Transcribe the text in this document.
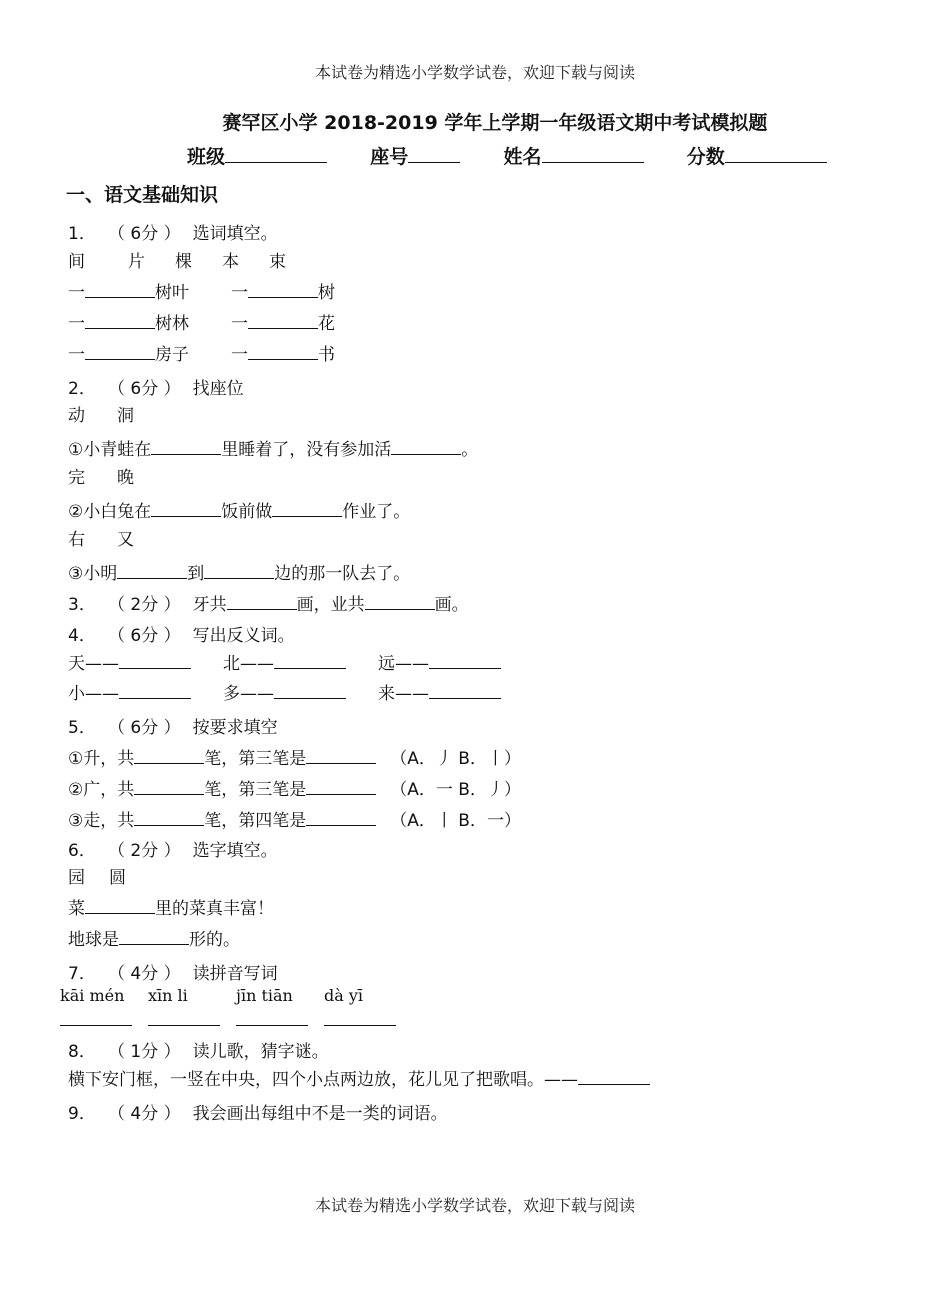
本试卷为精选小学数学试卷，欢迎下载与阅读
赛罕区小学 2018-2019 学年上学期一年级语文期中考试模拟题
班级	座号	姓名	分数
一、语文基础知识
1． （ 6分 ） 选词填空。
间	片 棵 本 束
一	树叶 一	树
一	树林 一	花
一	房子 一	书
2． （ 6分 ） 找座位
动 洞
①小青蛙在	里睡着了，没有参加活	。
完 晚
②小白兔在	饭前做	作业了。
右 又
③小明	到	边的那一队去了。
3． （ 2分 ） 牙共	画，业共	画。
4． （ 6分 ） 写出反义词。
天——	北——	远——
小——	多——	来——
5． （ 6分 ） 按要求填空
①升，共	笔，第三笔是	（A．丿 B．丨）
②广，共	笔，第三笔是	（A．一 B．丿）
③走，共	笔，第四笔是	（A．丨 B．一）
6． （ 2分 ） 选字填空。
园 圆
菜	里的菜真丰富！
地球是	形的。
7． （ 4分 ） 读拼音写词
kāi mén xīn li	jīn tiān dà yī
8． （ 1分 ） 读儿歌，猜字谜。
横下安门框，一竖在中央，四个小点两边放，花儿见了把歌唱。——
9． （ 4分 ） 我会画出每组中不是一类的词语。
本试卷为精选小学数学试卷，欢迎下载与阅读
